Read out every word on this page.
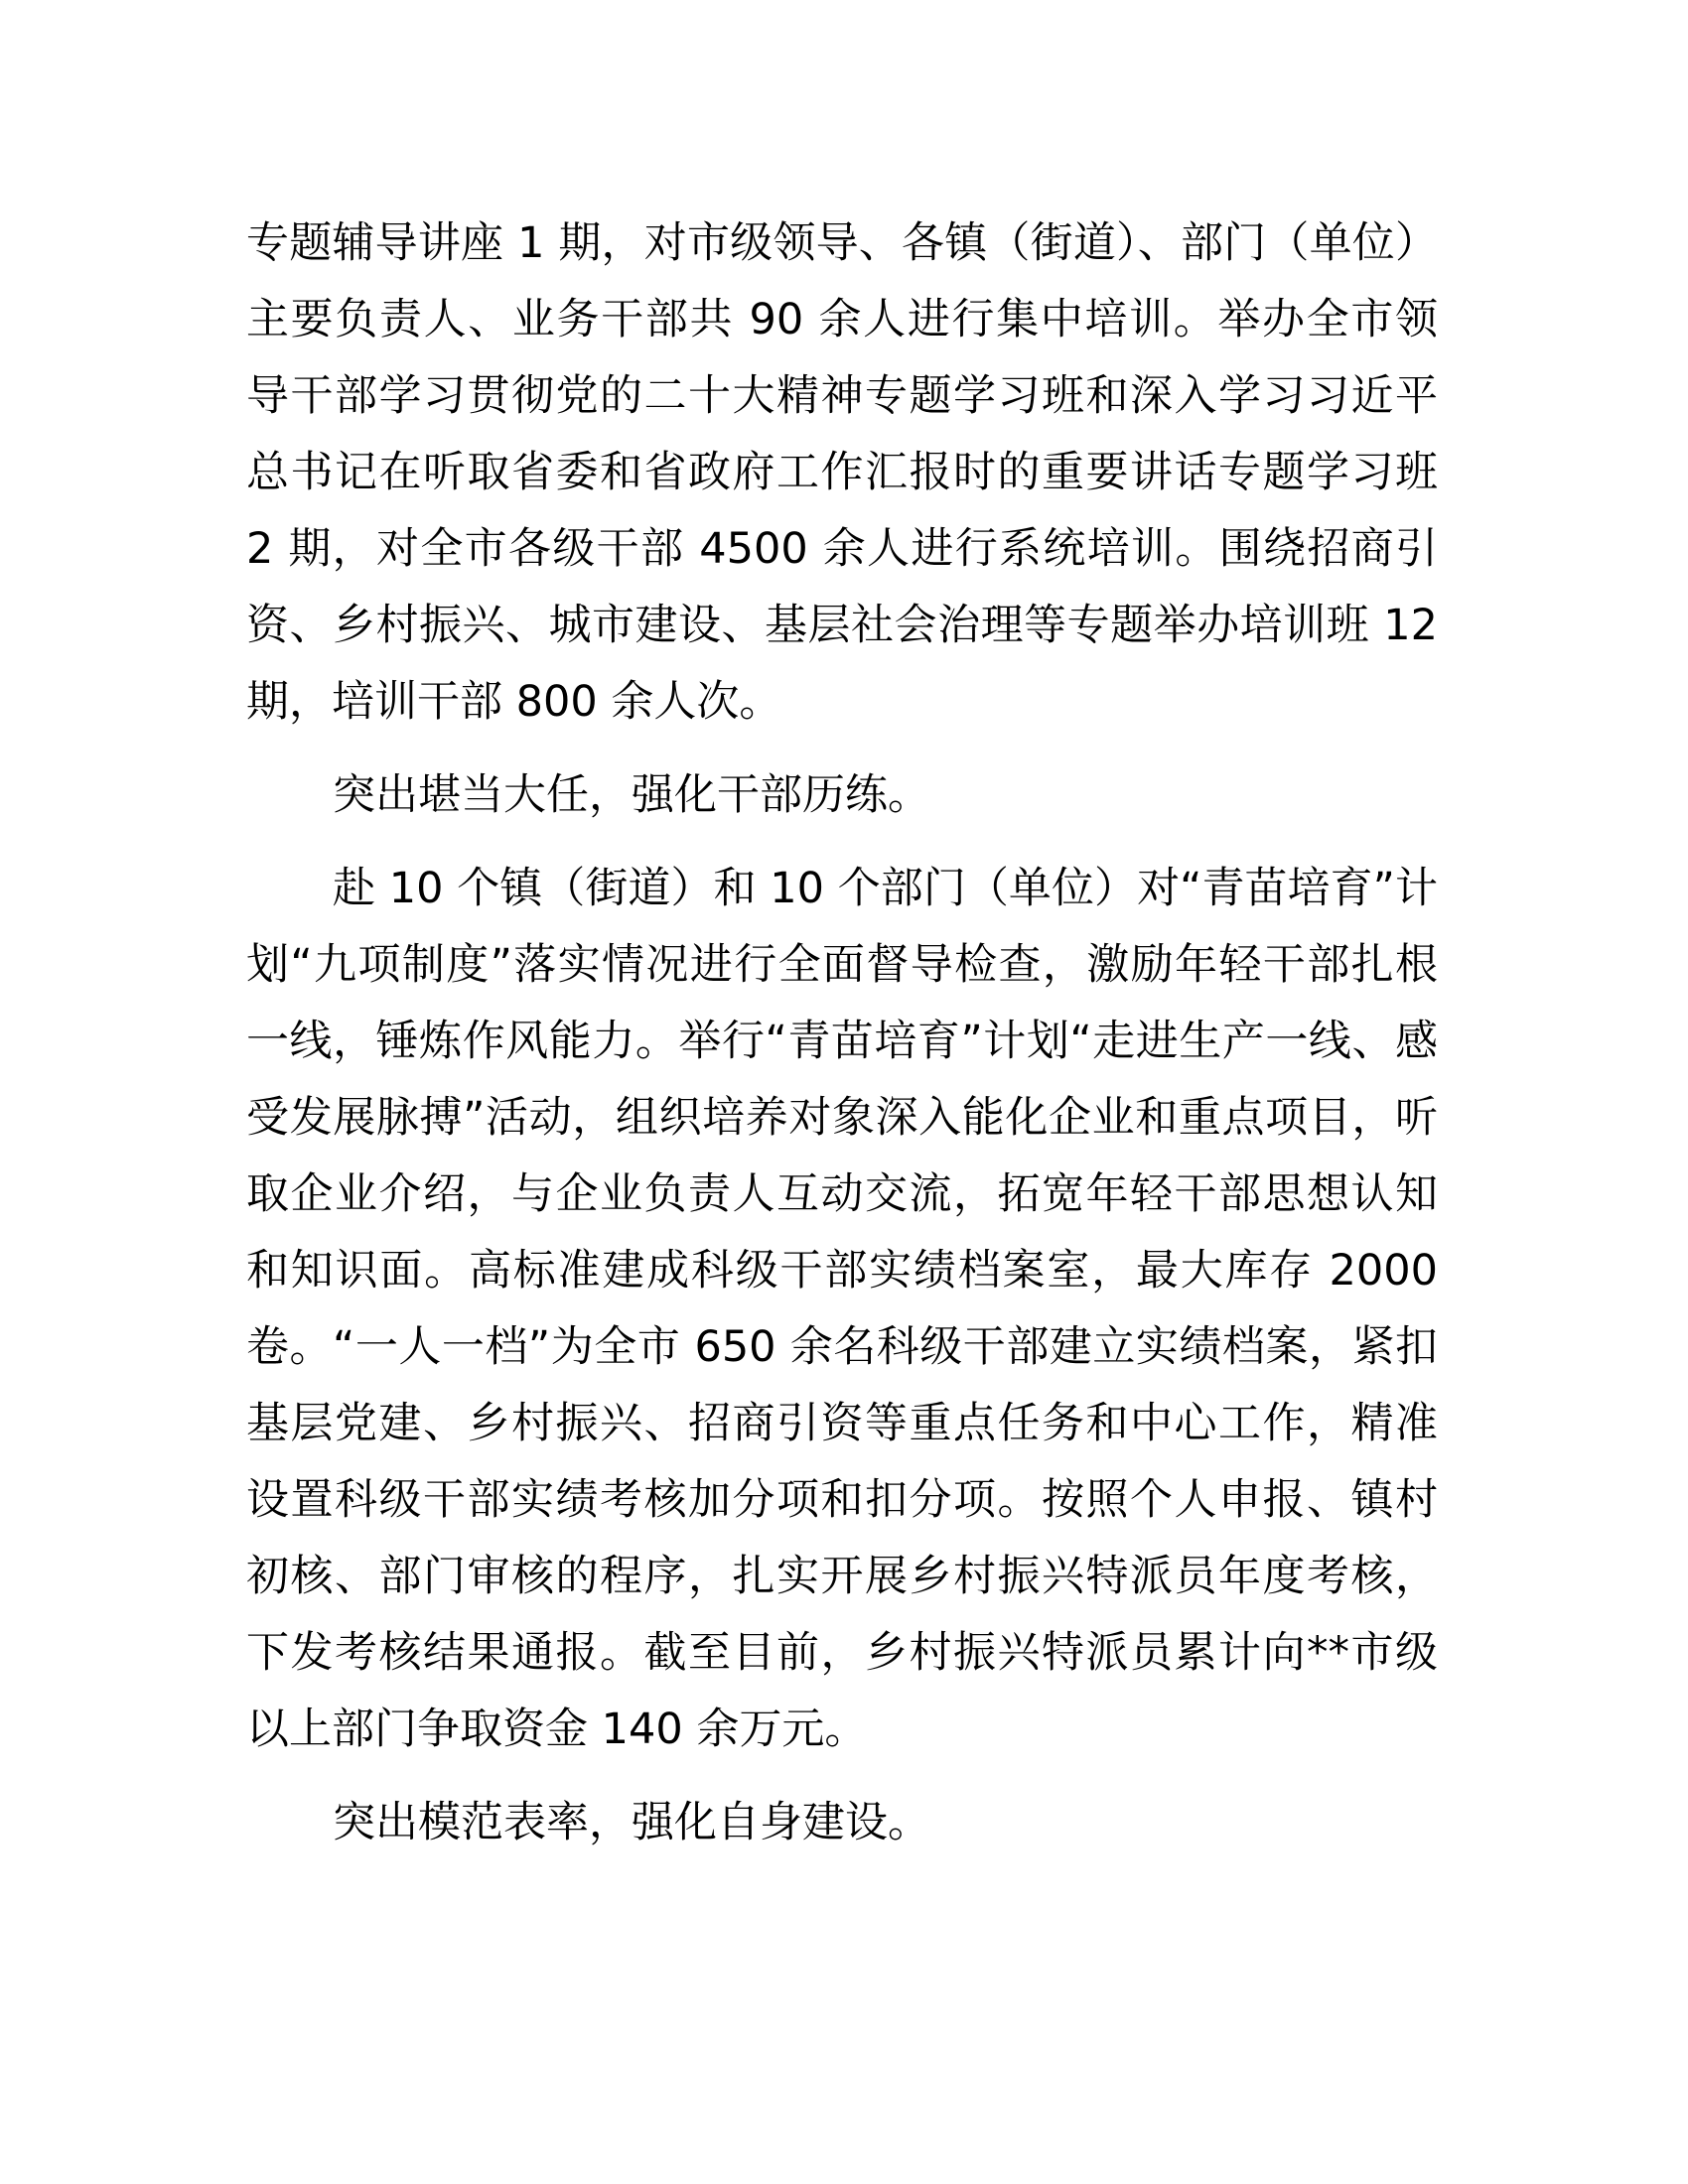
专题辅导讲座 1 期，对市级领导、各镇（街道）、部门（单位）主要负责人、业务干部共 90 余人进行集中培训。举办全市领导干部学习贯彻党的二十大精神专题学习班和深入学习习近平总书记在听取省委和省政府工作汇报时的重要讲话专题学习班 2 期，对全市各级干部 4500 余人进行系统培训。围绕招商引资、乡村振兴、城市建设、基层社会治理等专题举办培训班 12 期，培训干部 800 余人次。

突出堪当大任，强化干部历练。

赴 10 个镇（街道）和 10 个部门（单位）对“青苗培育”计划“九项制度”落实情况进行全面督导检查，激励年轻干部扎根一线，锤炼作风能力。举行“青苗培育”计划“走进生产一线、感受发展脉搏”活动，组织培养对象深入能化企业和重点项目，听取企业介绍，与企业负责人互动交流，拓宽年轻干部思想认知和知识面。高标准建成科级干部实绩档案室，最大库存 2000 卷。“一人一档”为全市 650 余名科级干部建立实绩档案，紧扣基层党建、乡村振兴、招商引资等重点任务和中心工作，精准设置科级干部实绩考核加分项和扣分项。按照个人申报、镇村初核、部门审核的程序，扎实开展乡村振兴特派员年度考核，下发考核结果通报。截至目前，乡村振兴特派员累计向**市级以上部门争取资金 140 余万元。

突出模范表率，强化自身建设。
